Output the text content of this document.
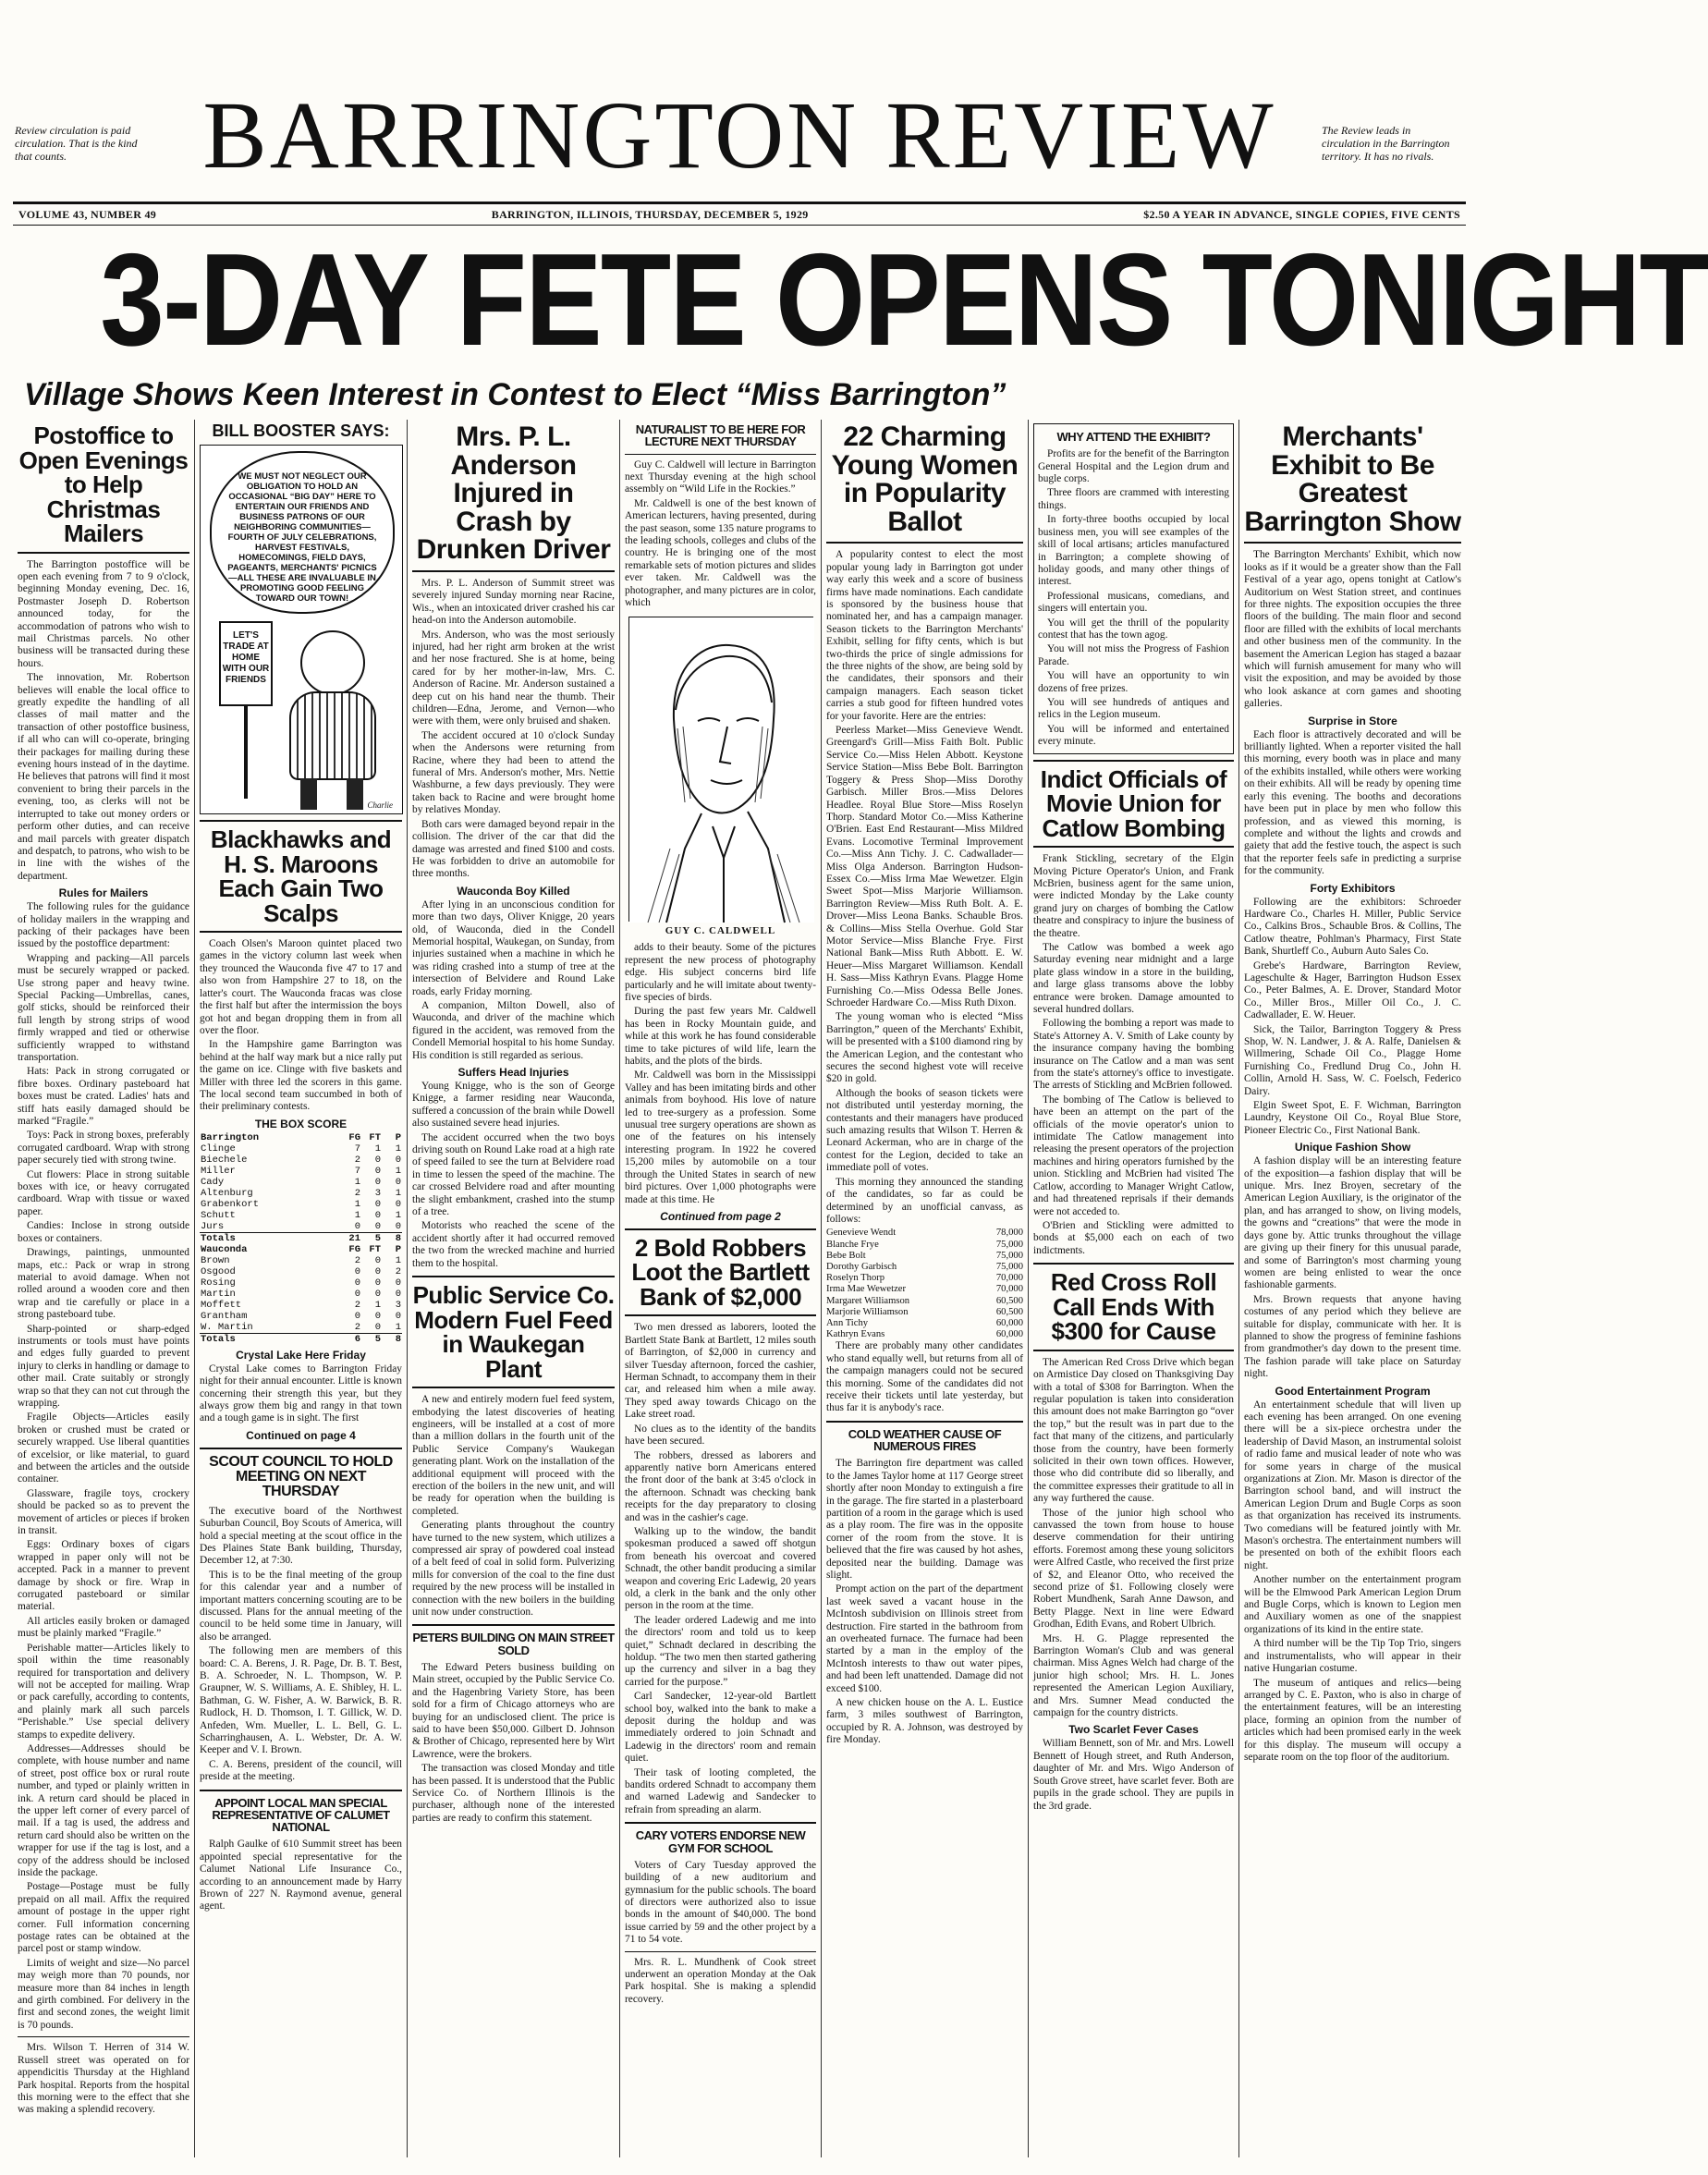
Review circulation is paid circulation. That is the kind that counts.	BARRINGTON REVIEW	The Review leads in circulation in the Barrington territory. It has no rivals.
VOLUME 43, NUMBER 49	BARRINGTON, ILLINOIS, THURSDAY, DECEMBER 5, 1929	$2.50 A YEAR IN ADVANCE, SINGLE COPIES, FIVE CENTS
3-DAY FETE OPENS TONIGHT
Village Shows Keen Interest in Contest to Elect “Miss Barrington”
Postoffice to Open Evenings to Help Christmas Mailers

The Barrington postoffice will be open each evening from 7 to 9 o'clock, beginning Monday evening, Dec. 16, Postmaster Joseph D. Robertson announced today, for the accommodation of patrons who wish to mail Christmas parcels. No other business will be transacted during these hours.

The innovation, Mr. Robertson believes will enable the local office to greatly expedite the handling of all classes of mail matter and the transaction of other postoffice business, if all who can will co-operate, bringing their packages for mailing during these evening hours instead of in the daytime. He believes that patrons will find it most convenient to bring their parcels in the evening, too, as clerks will not be interrupted to take out money orders or perform other duties, and can receive and mail parcels with greater dispatch and despatch, to patrons, who wish to be in line with the wishes of the department.

Rules for Mailers

The following rules for the guidance of holiday mailers in the wrapping and packing of their packages have been issued by the postoffice department:

Wrapping and packing—All parcels must be securely wrapped or packed. Use strong paper and heavy twine. Special Packing—Umbrellas, canes, golf sticks, should be reinforced their full length by strong strips of wood firmly wrapped and tied or otherwise sufficiently wrapped to withstand transportation.

Hats: Pack in strong corrugated or fibre boxes. Ordinary pasteboard hat boxes must be crated. Ladies' hats and stiff hats easily damaged should be marked “Fragile.”

Toys: Pack in strong boxes, preferably corrugated cardboard. Wrap with strong paper securely tied with strong twine.

Cut flowers: Place in strong suitable boxes with ice, or heavy corrugated cardboard. Wrap with tissue or waxed paper.

Candies: Inclose in strong outside boxes or containers.

Drawings, paintings, unmounted maps, etc.: Pack or wrap in strong material to avoid damage. When not rolled around a wooden core and then wrap and tie carefully or place in a strong pasteboard tube.

Sharp-pointed or sharp-edged instruments or tools must have points and edges fully guarded to prevent injury to clerks in handling or damage to other mail. Crate suitably or strongly wrap so that they can not cut through the wrapping.

Fragile Objects—Articles easily broken or crushed must be crated or securely wrapped. Use liberal quantities of excelsior, or like material, to guard and between the articles and the outside container.

Glassware, fragile toys, crockery should be packed so as to prevent the movement of articles or pieces if broken in transit.

Eggs: Ordinary boxes of cigars wrapped in paper only will not be accepted. Pack in a manner to prevent damage by shock or fire. Wrap in corrugated pasteboard or similar material.

All articles easily broken or damaged must be plainly marked “Fragile.”

Perishable matter—Articles likely to spoil within the time reasonably required for transportation and delivery will not be accepted for mailing. Wrap or pack carefully, according to contents, and plainly mark all such parcels “Perishable.” Use special delivery stamps to expedite delivery.

Addresses—Addresses should be complete, with house number and name of street, post office box or rural route number, and typed or plainly written in ink. A return card should be placed in the upper left corner of every parcel of mail. If a tag is used, the address and return card should also be written on the wrapper for use if the tag is lost, and a copy of the address should be inclosed inside the package.

Postage—Postage must be fully prepaid on all mail. Affix the required amount of postage in the upper right corner. Full information concerning postage rates can be obtained at the parcel post or stamp window.

Limits of weight and size—No parcel may weigh more than 70 pounds, nor measure more than 84 inches in length and girth combined. For delivery in the first and second zones, the weight limit is 70 pounds.

Mrs. Wilson T. Herren of 314 W. Russell street was operated on for appendicitis Thursday at the Highland Park hospital. Reports from the hospital this morning were to the effect that she was making a splendid recovery.

BILL BOOSTER SAYS:
WE MUST NOT NEGLECT OUR OBLIGATION TO HOLD AN OCCASIONAL “BIG DAY” HERE TO ENTERTAIN OUR FRIENDS AND BUSINESS PATRONS OF OUR NEIGHBORING COMMUNITIES—FOURTH OF JULY CELEBRATIONS, HARVEST FESTIVALS, HOMECOMINGS, FIELD DAYS, PAGEANTS, MERCHANTS' PICNICS—ALL THESE ARE INVALUABLE IN PROMOTING GOOD FEELING TOWARD OUR TOWN!
LET'S TRADE AT HOME WITH OUR FRIENDS
Charlie
Blackhawks and H. S. Maroons Each Gain Two Scalps

Coach Olsen's Maroon quintet placed two games in the victory column last week when they trounced the Wauconda five 47 to 17 and also won from Hampshire 27 to 18, on the latter's court. The Wauconda fracas was close the first half but after the intermission the boys got hot and began dropping them in from all over the floor.

In the Hampshire game Barrington was behind at the half way mark but a nice rally put the game on ice. Clinge with five baskets and Miller with three led the scorers in this game. The local second team succumbed in both of their preliminary contests.

THE BOX SCORE
Barrington	FG	FT	P
Clinge	7	1	1
Biechele	2	0	0
Miller	7	0	1
Cady	1	0	0
Altenburg	2	3	1
Grabenkort	1	0	0
Schutt	1	0	1
Jurs	0	0	0
Totals	21	5	8
Wauconda	FG	FT	P
Brown	2	0	1
Osgood	0	0	2
Rosing	0	0	0
Martin	0	0	0
Moffett	2	1	3
Grantham	0	0	0
W. Martin	2	0	1
Totals	6	5	8
Crystal Lake Here Friday

Crystal Lake comes to Barrington Friday night for their annual encounter. Little is known concerning their strength this year, but they always grow them big and rangy in that town and a tough game is in sight. The first

Continued on page 4
SCOUT COUNCIL TO HOLD MEETING ON NEXT THURSDAY

The executive board of the Northwest Suburban Council, Boy Scouts of America, will hold a special meeting at the scout office in the Des Plaines State Bank building, Thursday, December 12, at 7:30.

This is to be the final meeting of the group for this calendar year and a number of important matters concerning scouting are to be discussed. Plans for the annual meeting of the council to be held some time in January, will also be arranged.

The following men are members of this board: C. A. Berens, J. R. Page, Dr. B. T. Best, B. A. Schroeder, N. L. Thompson, W. P. Graupner, W. S. Williams, A. E. Shibley, H. L. Bathman, G. W. Fisher, A. W. Barwick, B. R. Rudlock, H. D. Thomson, I. T. Gillick, W. D. Anfeden, Wm. Mueller, L. L. Bell, G. L. Scharringhausen, A. L. Webster, Dr. A. W. Keeper and V. I. Brown.

C. A. Berens, president of the council, will preside at the meeting.

APPOINT LOCAL MAN SPECIAL REPRESENTATIVE OF CALUMET NATIONAL

Ralph Gaulke of 610 Summit street has been appointed special representative for the Calumet National Life Insurance Co., according to an announcement made by Harry Brown of 227 N. Raymond avenue, general agent.

Mrs. P. L. Anderson Injured in Crash by Drunken Driver

Mrs. P. L. Anderson of Summit street was severely injured Sunday morning near Racine, Wis., when an intoxicated driver crashed his car head-on into the Anderson automobile.

Mrs. Anderson, who was the most seriously injured, had her right arm broken at the wrist and her nose fractured. She is at home, being cared for by her mother-in-law, Mrs. C. Anderson of Racine. Mr. Anderson sustained a deep cut on his hand near the thumb. Their children—Edna, Jerome, and Vernon—who were with them, were only bruised and shaken.

The accident occured at 10 o'clock Sunday when the Andersons were returning from Racine, where they had been to attend the funeral of Mrs. Anderson's mother, Mrs. Nettie Washburne, a few days previously. They were taken back to Racine and were brought home by relatives Monday.

Both cars were damaged beyond repair in the collision. The driver of the car that did the damage was arrested and fined $100 and costs. He was forbidden to drive an automobile for three months.

Wauconda Boy Killed

After lying in an unconscious condition for more than two days, Oliver Knigge, 20 years old, of Wauconda, died in the Condell Memorial hospital, Waukegan, on Sunday, from injuries sustained when a machine in which he was riding crashed into a stump of tree at the intersection of Belvidere and Round Lake roads, early Friday morning.

A companion, Milton Dowell, also of Wauconda, and driver of the machine which figured in the accident, was removed from the Condell Memorial hospital to his home Sunday. His condition is still regarded as serious.

Suffers Head Injuries

Young Knigge, who is the son of George Knigge, a farmer residing near Wauconda, suffered a concussion of the brain while Dowell also sustained severe head injuries.

The accident occurred when the two boys driving south on Round Lake road at a high rate of speed failed to see the turn at Belvidere road in time to lessen the speed of the machine. The car crossed Belvidere road and after mounting the slight embankment, crashed into the stump of a tree.

Motorists who reached the scene of the accident shortly after it had occurred removed the two from the wrecked machine and hurried them to the hospital.

Public Service Co. Modern Fuel Feed in Waukegan Plant

A new and entirely modern fuel feed system, embodying the latest discoveries of heating engineers, will be installed at a cost of more than a million dollars in the fourth unit of the Public Service Company's Waukegan generating plant. Work on the installation of the additional equipment will proceed with the erection of the boilers in the new unit, and will be ready for operation when the building is completed.

Generating plants throughout the country have turned to the new system, which utilizes a compressed air spray of powdered coal instead of a belt feed of coal in solid form. Pulverizing mills for conversion of the coal to the fine dust required by the new process will be installed in connection with the new boilers in the building unit now under construction.

PETERS BUILDING ON MAIN STREET SOLD

The Edward Peters business building on Main street, occupied by the Public Service Co. and the Hagenbring Variety Store, has been sold for a firm of Chicago attorneys who are buying for an undisclosed client. The price is said to have been $50,000. Gilbert D. Johnson & Brother of Chicago, represented here by Wirt Lawrence, were the brokers.

The transaction was closed Monday and title has been passed. It is understood that the Public Service Co. of Northern Illinois is the purchaser, although none of the interested parties are ready to confirm this statement.

NATURALIST TO BE HERE FOR LECTURE NEXT THURSDAY

Guy C. Caldwell will lecture in Barrington next Thursday evening at the high school assembly on “Wild Life in the Rockies.”

Mr. Caldwell is one of the best known of American lecturers, having presented, during the past season, some 135 nature programs to the leading schools, colleges and clubs of the country. He is bringing one of the most remarkable sets of motion pictures and slides ever taken. Mr. Caldwell was the photographer, and many pictures are in color, which

GUY C. CALDWELL

adds to their beauty. Some of the pictures represent the new process of photography edge. His subject concerns bird life particularly and he will imitate about twenty-five species of birds.

During the past few years Mr. Caldwell has been in Rocky Mountain guide, and while at this work he has found considerable time to take pictures of wild life, learn the habits, and the plots of the birds.

Mr. Caldwell was born in the Mississippi Valley and has been imitating birds and other animals from boyhood. His love of nature led to tree-surgery as a profession. Some unusual tree surgery operations are shown as one of the features on his intensely interesting program. In 1922 he covered 15,200 miles by automobile on a tour through the United States in search of new bird pictures. Over 1,000 photographs were made at this time. He

Continued from page 2
2 Bold Robbers Loot the Bartlett Bank of $2,000

Two men dressed as laborers, looted the Bartlett State Bank at Bartlett, 12 miles south of Barrington, of $2,000 in currency and silver Tuesday afternoon, forced the cashier, Herman Schnadt, to accompany them in their car, and released him when a mile away. They sped away towards Chicago on the Lake street road.

No clues as to the identity of the bandits have been secured.

The robbers, dressed as laborers and apparently native born Americans entered the front door of the bank at 3:45 o'clock in the afternoon. Schnadt was checking bank receipts for the day preparatory to closing and was in the cashier's cage.

Walking up to the window, the bandit spokesman produced a sawed off shotgun from beneath his overcoat and covered Schnadt, the other bandit producing a similar weapon and covering Eric Ladewig, 20 years old, a clerk in the bank and the only other person in the room at the time.

The leader ordered Ladewig and me into the directors' room and told us to keep quiet,” Schnadt declared in describing the holdup. “The two men then started gathering up the currency and silver in a bag they carried for the purpose.”

Carl Sandecker, 12-year-old Bartlett school boy, walked into the bank to make a deposit during the holdup and was immediately ordered to join Schnadt and Ladewig in the directors' room and remain quiet.

Their task of looting completed, the bandits ordered Schnadt to accompany them and warned Ladewig and Sandecker to refrain from spreading an alarm.

CARY VOTERS ENDORSE NEW GYM FOR SCHOOL

Voters of Cary Tuesday approved the building of a new auditorium and gymnasium for the public schools. The board of directors were authorized also to issue bonds in the amount of $40,000. The bond issue carried by 59 and the other project by a 71 to 54 vote.

Mrs. R. L. Mundhenk of Cook street underwent an operation Monday at the Oak Park hospital. She is making a splendid recovery.

22 Charming Young Women in Popularity Ballot

A popularity contest to elect the most popular young lady in Barrington got under way early this week and a score of business firms have made nominations. Each candidate is sponsored by the business house that nominated her, and has a campaign manager. Season tickets to the Barrington Merchants' Exhibit, selling for fifty cents, which is but two-thirds the price of single admissions for the three nights of the show, are being sold by the candidates, their sponsors and their campaign managers. Each season ticket carries a stub good for fifteen hundred votes for your favorite. Here are the entries:

Peerless Market—Miss Genevieve Wendt. Greengard's Grill—Miss Faith Bolt. Public Service Co.—Miss Helen Abbott. Keystone Service Station—Miss Bebe Bolt. Barrington Toggery & Press Shop—Miss Dorothy Garbisch. Miller Bros.—Miss Delores Headlee. Royal Blue Store—Miss Roselyn Thorp. Standard Motor Co.—Miss Katherine O'Brien. East End Restaurant—Miss Mildred Evans. Locomotive Terminal Improvement Co.—Miss Ann Tichy. J. C. Cadwallader—Miss Olga Anderson. Barrington Hudson-Essex Co.—Miss Irma Mae Wewetzer. Elgin Sweet Spot—Miss Marjorie Williamson. Barrington Review—Miss Ruth Bolt. A. E. Drover—Miss Leona Banks. Schauble Bros. & Collins—Miss Stella Overhue. Gold Star Motor Service—Miss Blanche Frye. First National Bank—Miss Ruth Abbott. E. W. Heuer—Miss Margaret Williamson. Kendall H. Sass—Miss Kathryn Evans. Plagge Home Furnishing Co.—Miss Odessa Belle Jones. Schroeder Hardware Co.—Miss Ruth Dixon.

The young woman who is elected “Miss Barrington,” queen of the Merchants' Exhibit, will be presented with a $100 diamond ring by the American Legion, and the contestant who secures the second highest vote will receive $20 in gold.

Although the books of season tickets were not distributed until yesterday morning, the contestants and their managers have produced such amazing results that Wilson T. Herren & Leonard Ackerman, who are in charge of the contest for the Legion, decided to take an immediate poll of votes.

This morning they announced the standing of the candidates, so far as could be determined by an unofficial canvass, as follows:

Genevieve Wendt	78,000
Blanche Frye	75,000
Bebe Bolt	75,000
Dorothy Garbisch	75,000
Roselyn Thorp	70,000
Irma Mae Wewetzer	70,000
Margaret Williamson	60,500
Marjorie Williamson	60,500
Ann Tichy	60,000
Kathryn Evans	60,000

There are probably many other candidates who stand equally well, but returns from all of the campaign managers could not be secured this morning. Some of the candidates did not receive their tickets until late yesterday, but thus far it is anybody's race.

COLD WEATHER CAUSE OF NUMEROUS FIRES

The Barrington fire department was called to the James Taylor home at 117 George street shortly after noon Monday to extinguish a fire in the garage. The fire started in a plasterboard partition of a room in the garage which is used as a play room. The fire was in the opposite corner of the room from the stove. It is believed that the fire was caused by hot ashes, deposited near the building. Damage was slight.

Prompt action on the part of the department last week saved a vacant house in the McIntosh subdivision on Illinois street from destruction. Fire started in the bathroom from an overheated furnace. The furnace had been started by a man in the employ of the McIntosh interests to thaw out water pipes, and had been left unattended. Damage did not exceed $100.

A new chicken house on the A. L. Eustice farm, 3 miles southwest of Barrington, occupied by R. A. Johnson, was destroyed by fire Monday.

WHY ATTEND THE EXHIBIT?

Profits are for the benefit of the Barrington General Hospital and the Legion drum and bugle corps.

Three floors are crammed with interesting things.

In forty-three booths occupied by local business men, you will see examples of the skill of local artisans; articles manufactured in Barrington; a complete showing of holiday goods, and many other things of interest.

Professional musicans, comedians, and singers will entertain you.

You will get the thrill of the popularity contest that has the town agog.

You will not miss the Progress of Fashion Parade.

You will have an opportunity to win dozens of free prizes.

You will see hundreds of antiques and relics in the Legion museum.

You will be informed and entertained every minute.

Indict Officials of Movie Union for Catlow Bombing

Frank Stickling, secretary of the Elgin Moving Picture Operator's Union, and Frank McBrien, business agent for the same union, were indicted Monday by the Lake county grand jury on charges of bombing the Catlow theatre and conspiracy to injure the business of the theatre.

The Catlow was bombed a week ago Saturday evening near midnight and a large plate glass window in a store in the building, and large glass transoms above the lobby entrance were broken. Damage amounted to several hundred dollars.

Following the bombing a report was made to State's Attorney A. V. Smith of Lake county by the insurance company having the bombing insurance on The Catlow and a man was sent from the state's attorney's office to investigate. The arrests of Stickling and McBrien followed.

The bombing of The Catlow is believed to have been an attempt on the part of the officials of the movie operator's union to intimidate The Catlow management into releasing the present operators of the projection machines and hiring operators furnished by the union. Stickling and McBrien had visited The Catlow, according to Manager Wright Catlow, and had threatened reprisals if their demands were not acceded to.

O'Brien and Stickling were admitted to bonds at $5,000 each on each of two indictments.

Red Cross Roll Call Ends With $300 for Cause

The American Red Cross Drive which began on Armistice Day closed on Thanksgiving Day with a total of $308 for Barrington. When the regular population is taken into consideration this amount does not make Barrington go “over the top,” but the result was in part due to the fact that many of the citizens, and particularly those from the country, have been formerly solicited in their own town offices. However, those who did contribute did so liberally, and the committee expresses their gratitude to all in any way furthered the cause.

Those of the junior high school who canvassed the town from house to house deserve commendation for their untiring efforts. Foremost among these young solicitors were Alfred Castle, who received the first prize of $2, and Eleanor Otto, who received the second prize of $1. Following closely were Robert Mundhenk, Sarah Anne Dawson, and Betty Plagge. Next in line were Edward Grodhan, Edith Evans, and Robert Ulbrich.

Mrs. H. G. Plagge represented the Barrington Woman's Club and was general chairman. Miss Agnes Welch had charge of the junior high school; Mrs. H. L. Jones represented the American Legion Auxiliary, and Mrs. Sumner Mead conducted the campaign for the country districts.

Two Scarlet Fever Cases

William Bennett, son of Mr. and Mrs. Lowell Bennett of Hough street, and Ruth Anderson, daughter of Mr. and Mrs. Wigo Anderson of South Grove street, have scarlet fever. Both are pupils in the grade school. They are pupils in the 3rd grade.

Merchants' Exhibit to Be Greatest Barrington Show

The Barrington Merchants' Exhibit, which now looks as if it would be a greater show than the Fall Festival of a year ago, opens tonight at Catlow's Auditorium on West Station street, and continues for three nights. The exposition occupies the three floors of the building. The main floor and second floor are filled with the exhibits of local merchants and other business men of the community. In the basement the American Legion has staged a bazaar which will furnish amusement for many who will visit the exposition, and may be avoided by those who look askance at corn games and shooting galleries.

Surprise in Store

Each floor is attractively decorated and will be brilliantly lighted. When a reporter visited the hall this morning, every booth was in place and many of the exhibits installed, while others were working on their exhibits. All will be ready by opening time early this evening. The booths and decorations have been put in place by men who follow this profession, and as viewed this morning, is complete and without the lights and crowds and gaiety that add the festive touch, the aspect is such that the reporter feels safe in predicting a surprise for the community.

Forty Exhibitors

Following are the exhibitors: Schroeder Hardware Co., Charles H. Miller, Public Service Co., Calkins Bros., Schauble Bros. & Collins, The Catlow theatre, Pohlman's Pharmacy, First State Bank, Shurtleff Co., Auburn Auto Sales Co.

Grebe's Hardware, Barrington Review, Lageschulte & Hager, Barrington Hudson Essex Co., Peter Balmes, A. E. Drover, Standard Motor Co., Miller Bros., Miller Oil Co., J. C. Cadwallader, E. W. Heuer.

Sick, the Tailor, Barrington Toggery & Press Shop, W. N. Landwer, J. & A. Ralfe, Danielsen & Willmering, Schade Oil Co., Plagge Home Furnishing Co., Fredlund Drug Co., John H. Collin, Arnold H. Sass, W. C. Foelsch, Federico Dairy.

Elgin Sweet Spot, E. F. Wichman, Barrington Laundry, Keystone Oil Co., Royal Blue Store, Pioneer Electric Co., First National Bank.

Unique Fashion Show

A fashion display will be an interesting feature of the exposition—a fashion display that will be unique. Mrs. Inez Broyen, secretary of the American Legion Auxiliary, is the originator of the plan, and has arranged to show, on living models, the gowns and “creations” that were the mode in days gone by. Attic trunks throughout the village are giving up their finery for this unusual parade, and some of Barrington's most charming young women are being enlisted to wear the once fashionable garments.

Mrs. Brown requests that anyone having costumes of any period which they believe are suitable for display, communicate with her. It is planned to show the progress of feminine fashions from grandmother's day down to the present time. The fashion parade will take place on Saturday night.

Good Entertainment Program

An entertainment schedule that will liven up each evening has been arranged. On one evening there will be a six-piece orchestra under the leadership of David Mason, an instrumental soloist of radio fame and musical leader of note who was for some years in charge of the musical organizations at Zion. Mr. Mason is director of the Barrington school band, and will instruct the American Legion Drum and Bugle Corps as soon as that organization has received its instruments. Two comedians will be featured jointly with Mr. Mason's orchestra. The entertainment numbers will be presented on both of the exhibit floors each night.

Another number on the entertainment program will be the Elmwood Park American Legion Drum and Bugle Corps, which is known to Legion men and Auxiliary women as one of the snappiest organizations of its kind in the entire state.

A third number will be the Tip Top Trio, singers and instrumentalists, who will appear in their native Hungarian costume.

The museum of antiques and relics—being arranged by C. E. Paxton, who is also in charge of the entertainment features, will be an interesting place, forming an opinion from the number of articles which had been promised early in the week for this display. The museum will occupy a separate room on the top floor of the auditorium.
